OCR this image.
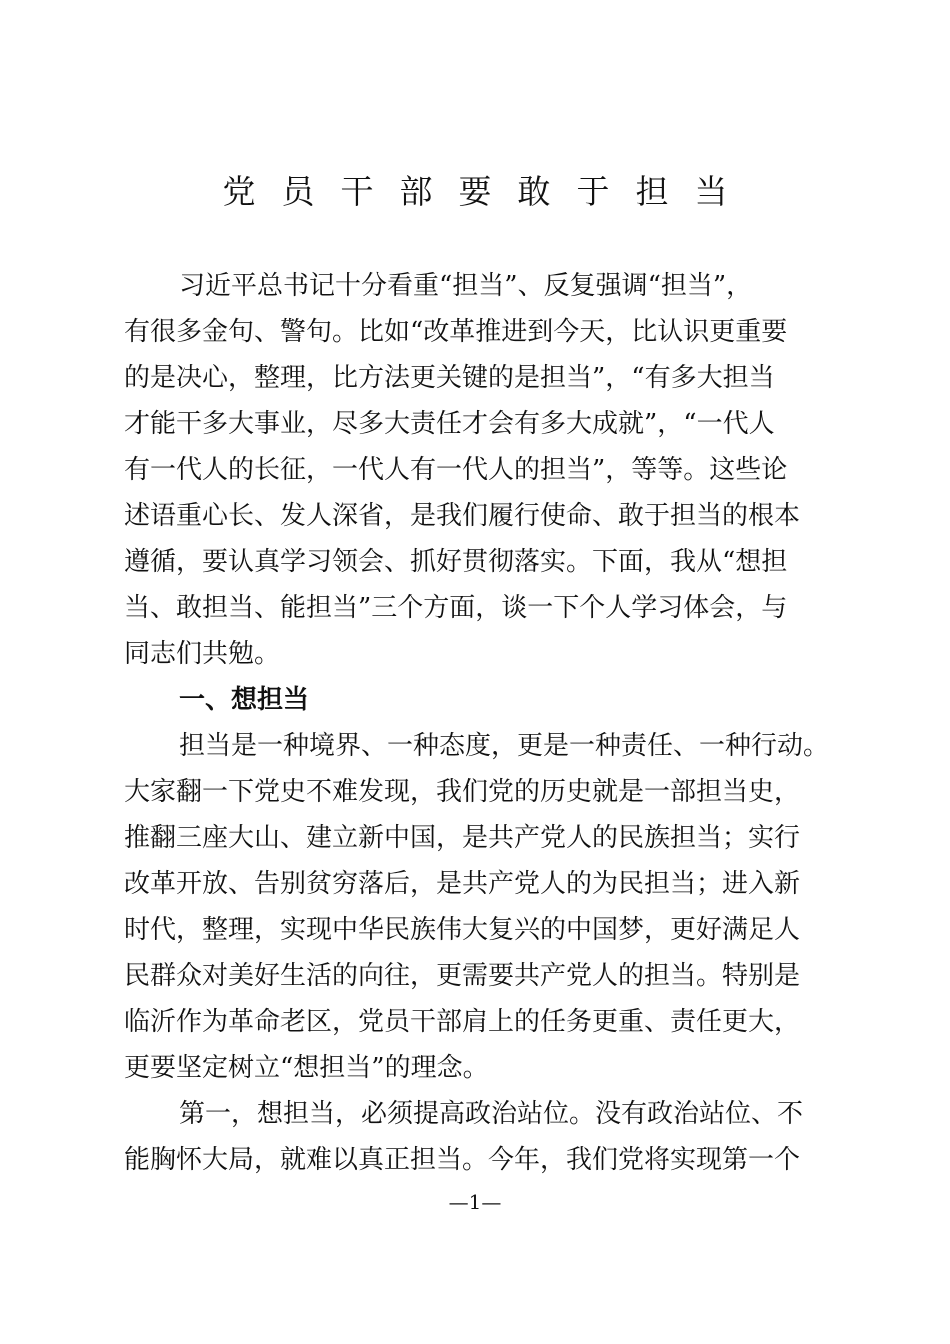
党员干部要敢于担当
习近平总书记十分看重“担当”、反复强调“担当”，
有很多金句、警句。比如“改革推进到今天，比认识更重要
的是决心，整理，比方法更关键的是担当”，“有多大担当
才能干多大事业，尽多大责任才会有多大成就”，“一代人
有一代人的长征，一代人有一代人的担当”，等等。这些论
述语重心长、发人深省，是我们履行使命、敢于担当的根本
遵循，要认真学习领会、抓好贯彻落实。下面，我从“想担
当、敢担当、能担当”三个方面，谈一下个人学习体会，与
同志们共勉。
一、想担当
担当是一种境界、一种态度，更是一种责任、一种行动。
大家翻一下党史不难发现，我们党的历史就是一部担当史，
推翻三座大山、建立新中国，是共产党人的民族担当；实行
改革开放、告别贫穷落后，是共产党人的为民担当；进入新
时代，整理，实现中华民族伟大复兴的中国梦，更好满足人
民群众对美好生活的向往，更需要共产党人的担当。特别是
临沂作为革命老区，党员干部肩上的任务更重、责任更大，
更要坚定树立“想担当”的理念。
第一，想担当，必须提高政治站位。没有政治站位、不
能胸怀大局，就难以真正担当。今年，我们党将实现第一个
—1—
